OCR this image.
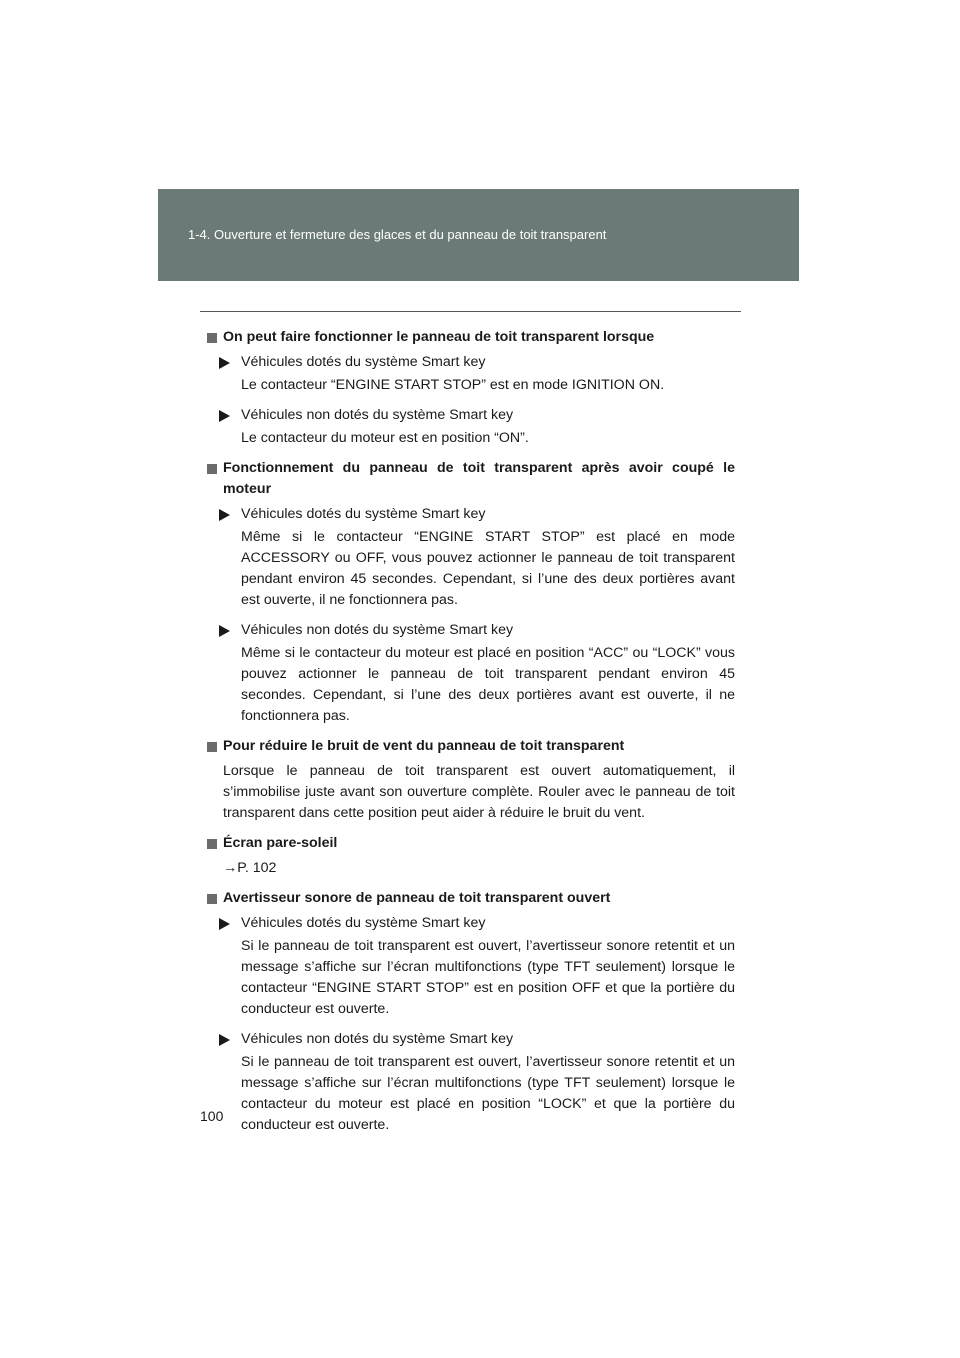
1-4. Ouverture et fermeture des glaces et du panneau de toit transparent
On peut faire fonctionner le panneau de toit transparent lorsque
Véhicules dotés du système Smart key
Le contacteur “ENGINE START STOP” est en mode IGNITION ON.
Véhicules non dotés du système Smart key
Le contacteur du moteur est en position “ON”.
Fonctionnement du panneau de toit transparent après avoir coupé le moteur
Véhicules dotés du système Smart key
Même si le contacteur “ENGINE START STOP” est placé en mode ACCESSORY ou OFF, vous pouvez actionner le panneau de toit transparent pendant environ 45 secondes. Cependant, si l’une des deux portières avant est ouverte, il ne fonctionnera pas.
Véhicules non dotés du système Smart key
Même si le contacteur du moteur est placé en position “ACC” ou “LOCK” vous pouvez actionner le panneau de toit transparent pendant environ 45 secondes. Cependant, si l’une des deux portières avant est ouverte, il ne fonctionnera pas.
Pour réduire le bruit de vent du panneau de toit transparent
Lorsque le panneau de toit transparent est ouvert automatiquement, il s’immobilise juste avant son ouverture complète. Rouler avec le panneau de toit transparent dans cette position peut aider à réduire le bruit du vent.
Écran pare-soleil
→P. 102
Avertisseur sonore de panneau de toit transparent ouvert
Véhicules dotés du système Smart key
Si le panneau de toit transparent est ouvert, l’avertisseur sonore retentit et un message s’affiche sur l’écran multifonctions (type TFT seulement) lorsque le contacteur “ENGINE START STOP” est en position OFF et que la portière du conducteur est ouverte.
Véhicules non dotés du système Smart key
Si le panneau de toit transparent est ouvert, l’avertisseur sonore retentit et un message s’affiche sur l’écran multifonctions (type TFT seulement) lorsque le contacteur du moteur est placé en position “LOCK” et que la portière du conducteur est ouverte.
100
